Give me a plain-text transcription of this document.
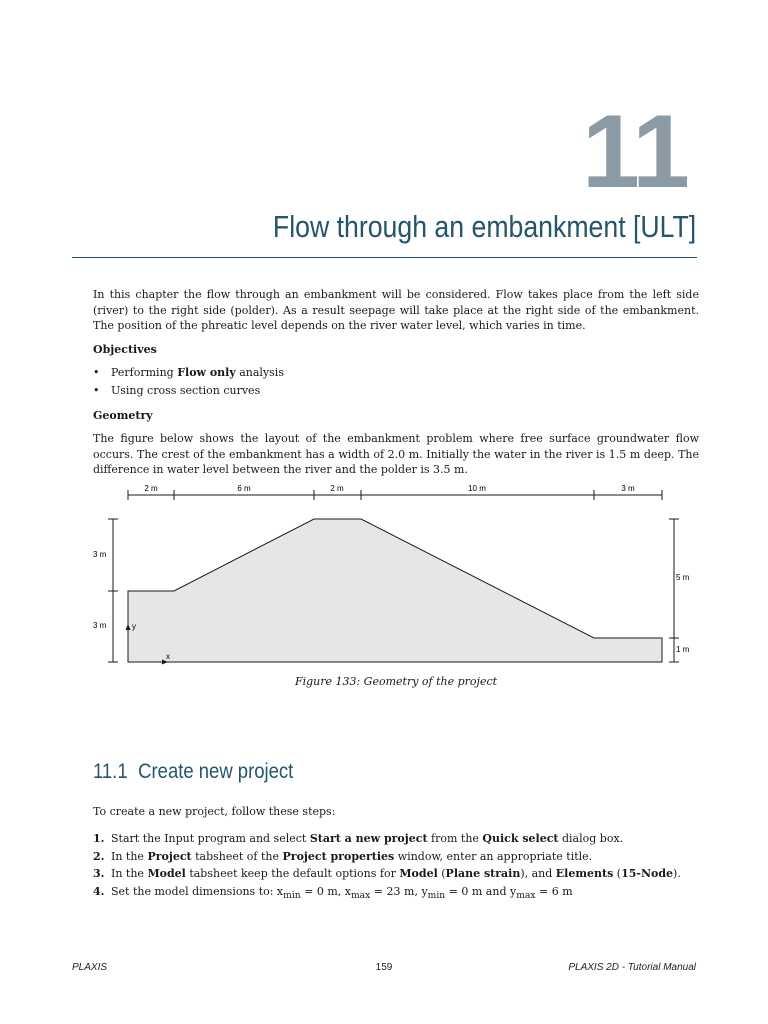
11
Flow through an embankment [ULT]
In this chapter the flow through an embankment will be considered. Flow takes place from the left side (river) to the right side (polder). As a result seepage will take place at the right side of the embankment. The position of the phreatic level depends on the river water level, which varies in time.
Objectives
• Performing Flow only analysis
• Using cross section curves
Geometry
The figure below shows the layout of the embankment problem where free surface groundwater flow occurs. The crest of the embankment has a width of 2.0 m. Initially the water in the river is 1.5 m deep. The difference in water level between the river and the polder is 3.5 m.
2 m	6 m	2 m	10 m	3 m
3 m
3 m
5 m
1 m
y
x
Figure 133: Geometry of the project
11.1 Create new project
To create a new project, follow these steps:
1. Start the Input program and select Start a new project from the Quick select dialog box.
2. In the Project tabsheet of the Project properties window, enter an appropriate title.
3. In the Model tabsheet keep the default options for Model (Plane strain), and Elements (15-Node).
4. Set the model dimensions to: $x_{min} = 0$ m, $x_{max} = 23$ m, $y_{min} = 0$ m and $y_{max} = 6$ m
PLAXIS	159	PLAXIS 2D - Tutorial Manual
